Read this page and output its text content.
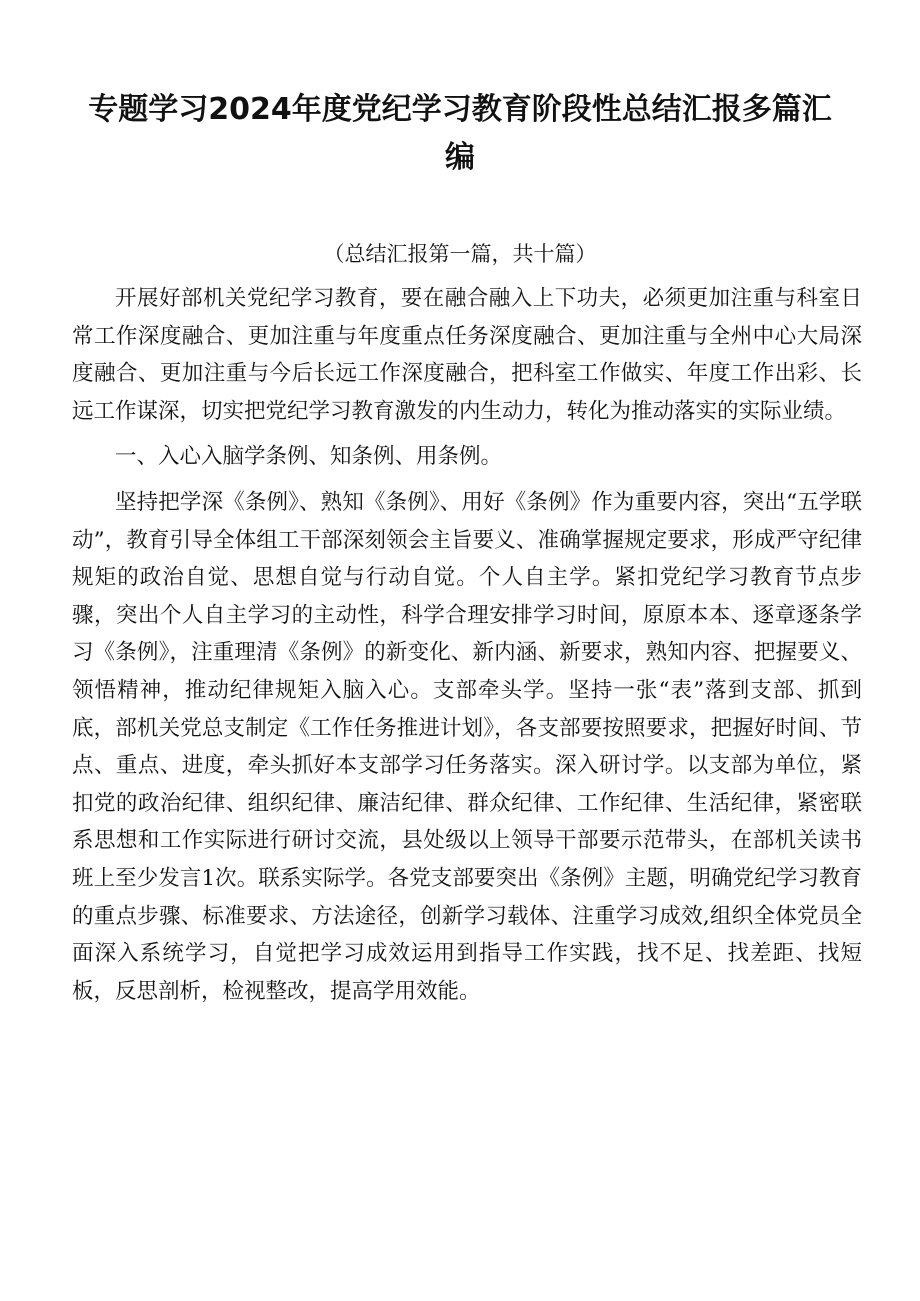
专题学习2024年度党纪学习教育阶段性总结汇报多篇汇编

（总结汇报第一篇，共十篇）

开展好部机关党纪学习教育，要在融合融入上下功夫，必须更加注重与科室日常工作深度融合、更加注重与年度重点任务深度融合、更加注重与全州中心大局深度融合、更加注重与今后长远工作深度融合，把科室工作做实、年度工作出彩、长远工作谋深，切实把党纪学习教育激发的内生动力，转化为推动落实的实际业绩。

一、入心入脑学条例、知条例、用条例。

坚持把学深《条例》、熟知《条例》、用好《条例》作为重要内容，突出“五学联动”，教育引导全体组工干部深刻领会主旨要义、准确掌握规定要求，形成严守纪律规矩的政治自觉、思想自觉与行动自觉。个人自主学。紧扣党纪学习教育节点步骤，突出个人自主学习的主动性，科学合理安排学习时间，原原本本、逐章逐条学习《条例》，注重理清《条例》的新变化、新内涵、新要求，熟知内容、把握要义、领悟精神，推动纪律规矩入脑入心。支部牵头学。坚持一张“表”落到支部、抓到底，部机关党总支制定《工作任务推进计划》，各支部要按照要求，把握好时间、节点、重点、进度，牵头抓好本支部学习任务落实。深入研讨学。以支部为单位，紧扣党的政治纪律、组织纪律、廉洁纪律、群众纪律、工作纪律、生活纪律，紧密联系思想和工作实际进行研讨交流，县处级以上领导干部要示范带头，在部机关读书班上至少发言1次。联系实际学。各党支部要突出《条例》主题，明确党纪学习教育的重点步骤、标准要求、方法途径，创新学习载体、注重学习成效,组织全体党员全面深入系统学习，自觉把学习成效运用到指导工作实践，找不足、找差距、找短板，反思剖析，检视整改，提高学用效能。
